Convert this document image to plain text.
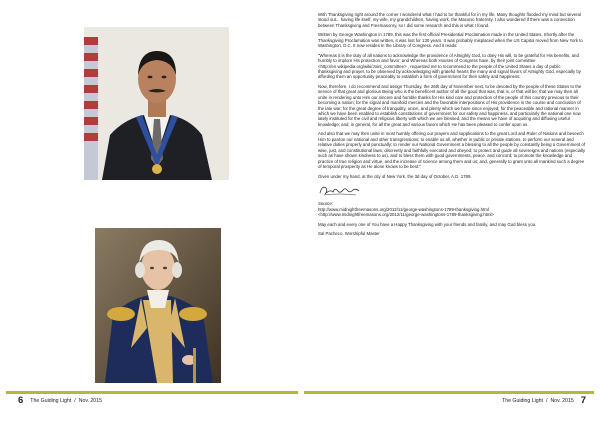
With Thanksgiving right around the corner I wondered what I had to be thankful for in my life. Many thoughts flooded my mind but several stood out... having life itself, my wife, my grandchildren, having work, the Masonic fraternity. I also wondered if there was a connection between Thanksgiving and Freemasonry, so I did some research and this is what I found.

Written by George Washington in 1789, this was the first official Presidential Proclamation made in the United States. Shortly after the Thanksgiving Proclamation was written, it was lost for 130 years. It was probably misplaced when the US Capitol moved from New York to Washington, D.C. It now resides in the Library of Congress. And it reads:

"Whereas it is the duty of all nations to acknowledge the providence of Almighty God, to obey His will, to be grateful for His benefits, and humbly to implore His protection and favor; and Whereas both Houses of Congress have, by their joint committee <http://en.wikipedia.org/wiki/Joint_committee> , requested me to recommend to the people of the United States a day of public thanksgiving and prayer, to be observed by acknowledging with grateful hearts the many and signal favors of Almighty God, especially by affording them an opportunity peaceably to establish a form of government for their safety and happiness:

Now, therefore, I do recommend and assign Thursday, the 26th day of November next, to be devoted by the people of these States to the service of that great and glorious Being who is the beneficent author of all the good that was, that is, or that will be; that we may then all unite in rendering unto Him our sincere and humble thanks for His kind care and protection of the people of this country previous to their becoming a nation; for the signal and manifold mercies and the favorable interpositions of His providence in the course and conclusion of the late war; for the great degree of tranquility, union, and plenty which we have since enjoyed; for the peaceable and rational manner in which we have been enabled to establish constitutions of government for our safety and happiness, and particularly the national one now lately instituted for the civil and religious liberty with which we are blessed, and the means we have of acquiring and diffusing useful knowledge; and, in general, for all the great and various favors which He has been pleased to confer upon us.

And also that we may then unite in most humbly offering our prayers and supplications to the great Lord and Ruler of Nations and beseech Him to pardon our national and other transgressions; to enable us all, whether in public or private stations, to perform our several and relative duties properly and punctually; to render our National Government a blessing to all the people by constantly being a Government of wise, just, and constitutional laws, discreetly and faithfully executed and obeyed; to protect and guide all sovereigns and nations (especially such as have shown kindness to us), and to bless them with good governments, peace, and concord; to promote the knowledge and practice of true religion and virtue, and the increase of science among them and us; and, generally to grant unto all mankind such a degree of temporal prosperity as He alone knows to be best."

Given under my hand, at the city of New York, the 3d day of October, A.D. 1789.

Source:

http://www.midnightfreemasons.org/2012/11/george-washingtons-1789-thanksgiving.html

<http://www.midnightfreemasons.org/2012/11/george-washingtons-1789-thanksgiving.html>

May each and every one of You have a Happy Thanksgiving with your friends and family, and may God bless you.

Sal Pacheco, Worshipful Master

6 The Guiding Light / Nov. 2015	The Guiding Light / Nov. 2015 7
